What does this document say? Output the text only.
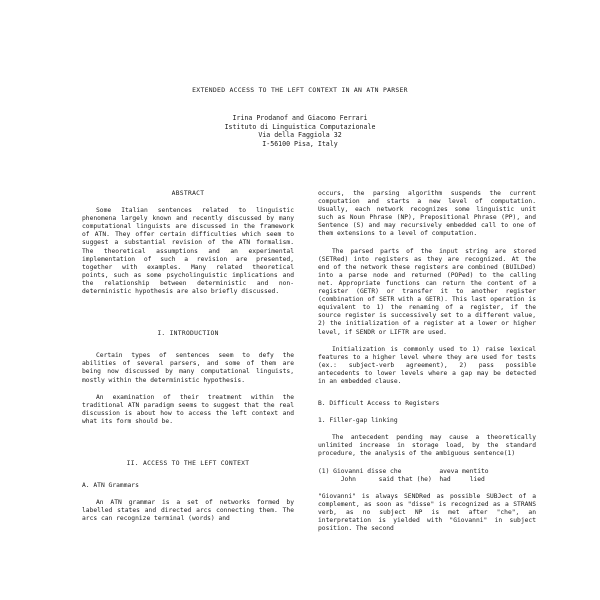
EXTENDED ACCESS TO THE LEFT CONTEXT IN AN ATN PARSER
Irina Prodanof and Giacomo Ferrari
Istituto di Linguistica Computazionale
Via della Faggiola 32
I-56100 Pisa, Italy
ABSTRACT

Some Italian sentences related to linguistic phenomena largely known and recently discussed by many computational linguists are discussed in the framework of ATN. They offer certain difficulties which seem to suggest a substantial revision of the ATN formalism. The theoretical assumptions and an experimental implementation of such a revision are presented, together with examples. Many related theoretical points, such as some psycholinguistic implications and the relationship between deterministic and non-deterministic hypothesis are also briefly discussed.

I. INTRODUCTION

Certain types of sentences seem to defy the abilities of several parsers, and some of them are being now discussed by many computational linguists, mostly within the deterministic hypothesis.

An examination of their treatment within the traditional ATN paradigm seems to suggest that the real discussion is about how to access the left context and what its form should be.

II. ACCESS TO THE LEFT CONTEXT
A. ATN Grammars

An ATN grammar is a set of networks formed by labelled states and directed arcs connecting them. The arcs can recognize terminal (words) and

occurs, the parsing algorithm suspends the current computation and starts a new level of computation. Usually, each network recognizes some linguistic unit such as Noun Phrase (NP), Prepositional Phrase (PP), and Sentence (S) and may recursively embedded call to one of them extensions to a level of computation.

The parsed parts of the input string are stored (SETRed) into registers as they are recognized. At the end of the network these registers are combined (BUILDed) into a parse node and returned (POPed) to the calling net. Appropriate functions can return the content of a register (GETR) or transfer it to another register (combination of SETR with a GETR). This last operation is equivalent to 1) the renaming of a register, if the source register is successively set to a different value, 2) the initialization of a register at a lower or higher level, if SENDR or LIFTR are used.

Initialization is commonly used to 1) raise lexical features to a higher level where they are used for tests (ex.: subject-verb agreement), 2) pass possible antecedents to lower levels where a gap may be detected in an embedded clause.

B. Difficult Access to Registers
1. Filler-gap linking

The antecedent pending may cause a theoretically unlimited increase in storage load, by the standard procedure, the analysis of the ambiguous sentence(1)

(1) Giovanni disse che          aveva mentito
John      said that (he)  had     lied

"Giovanni" is always SENDRed as possible SUBJect of a complement, as soon as "disse" is recognized as a STRANS verb, as no subject NP is met after "che", an interpretation is yielded with "Giovanni" in subject position. The second
